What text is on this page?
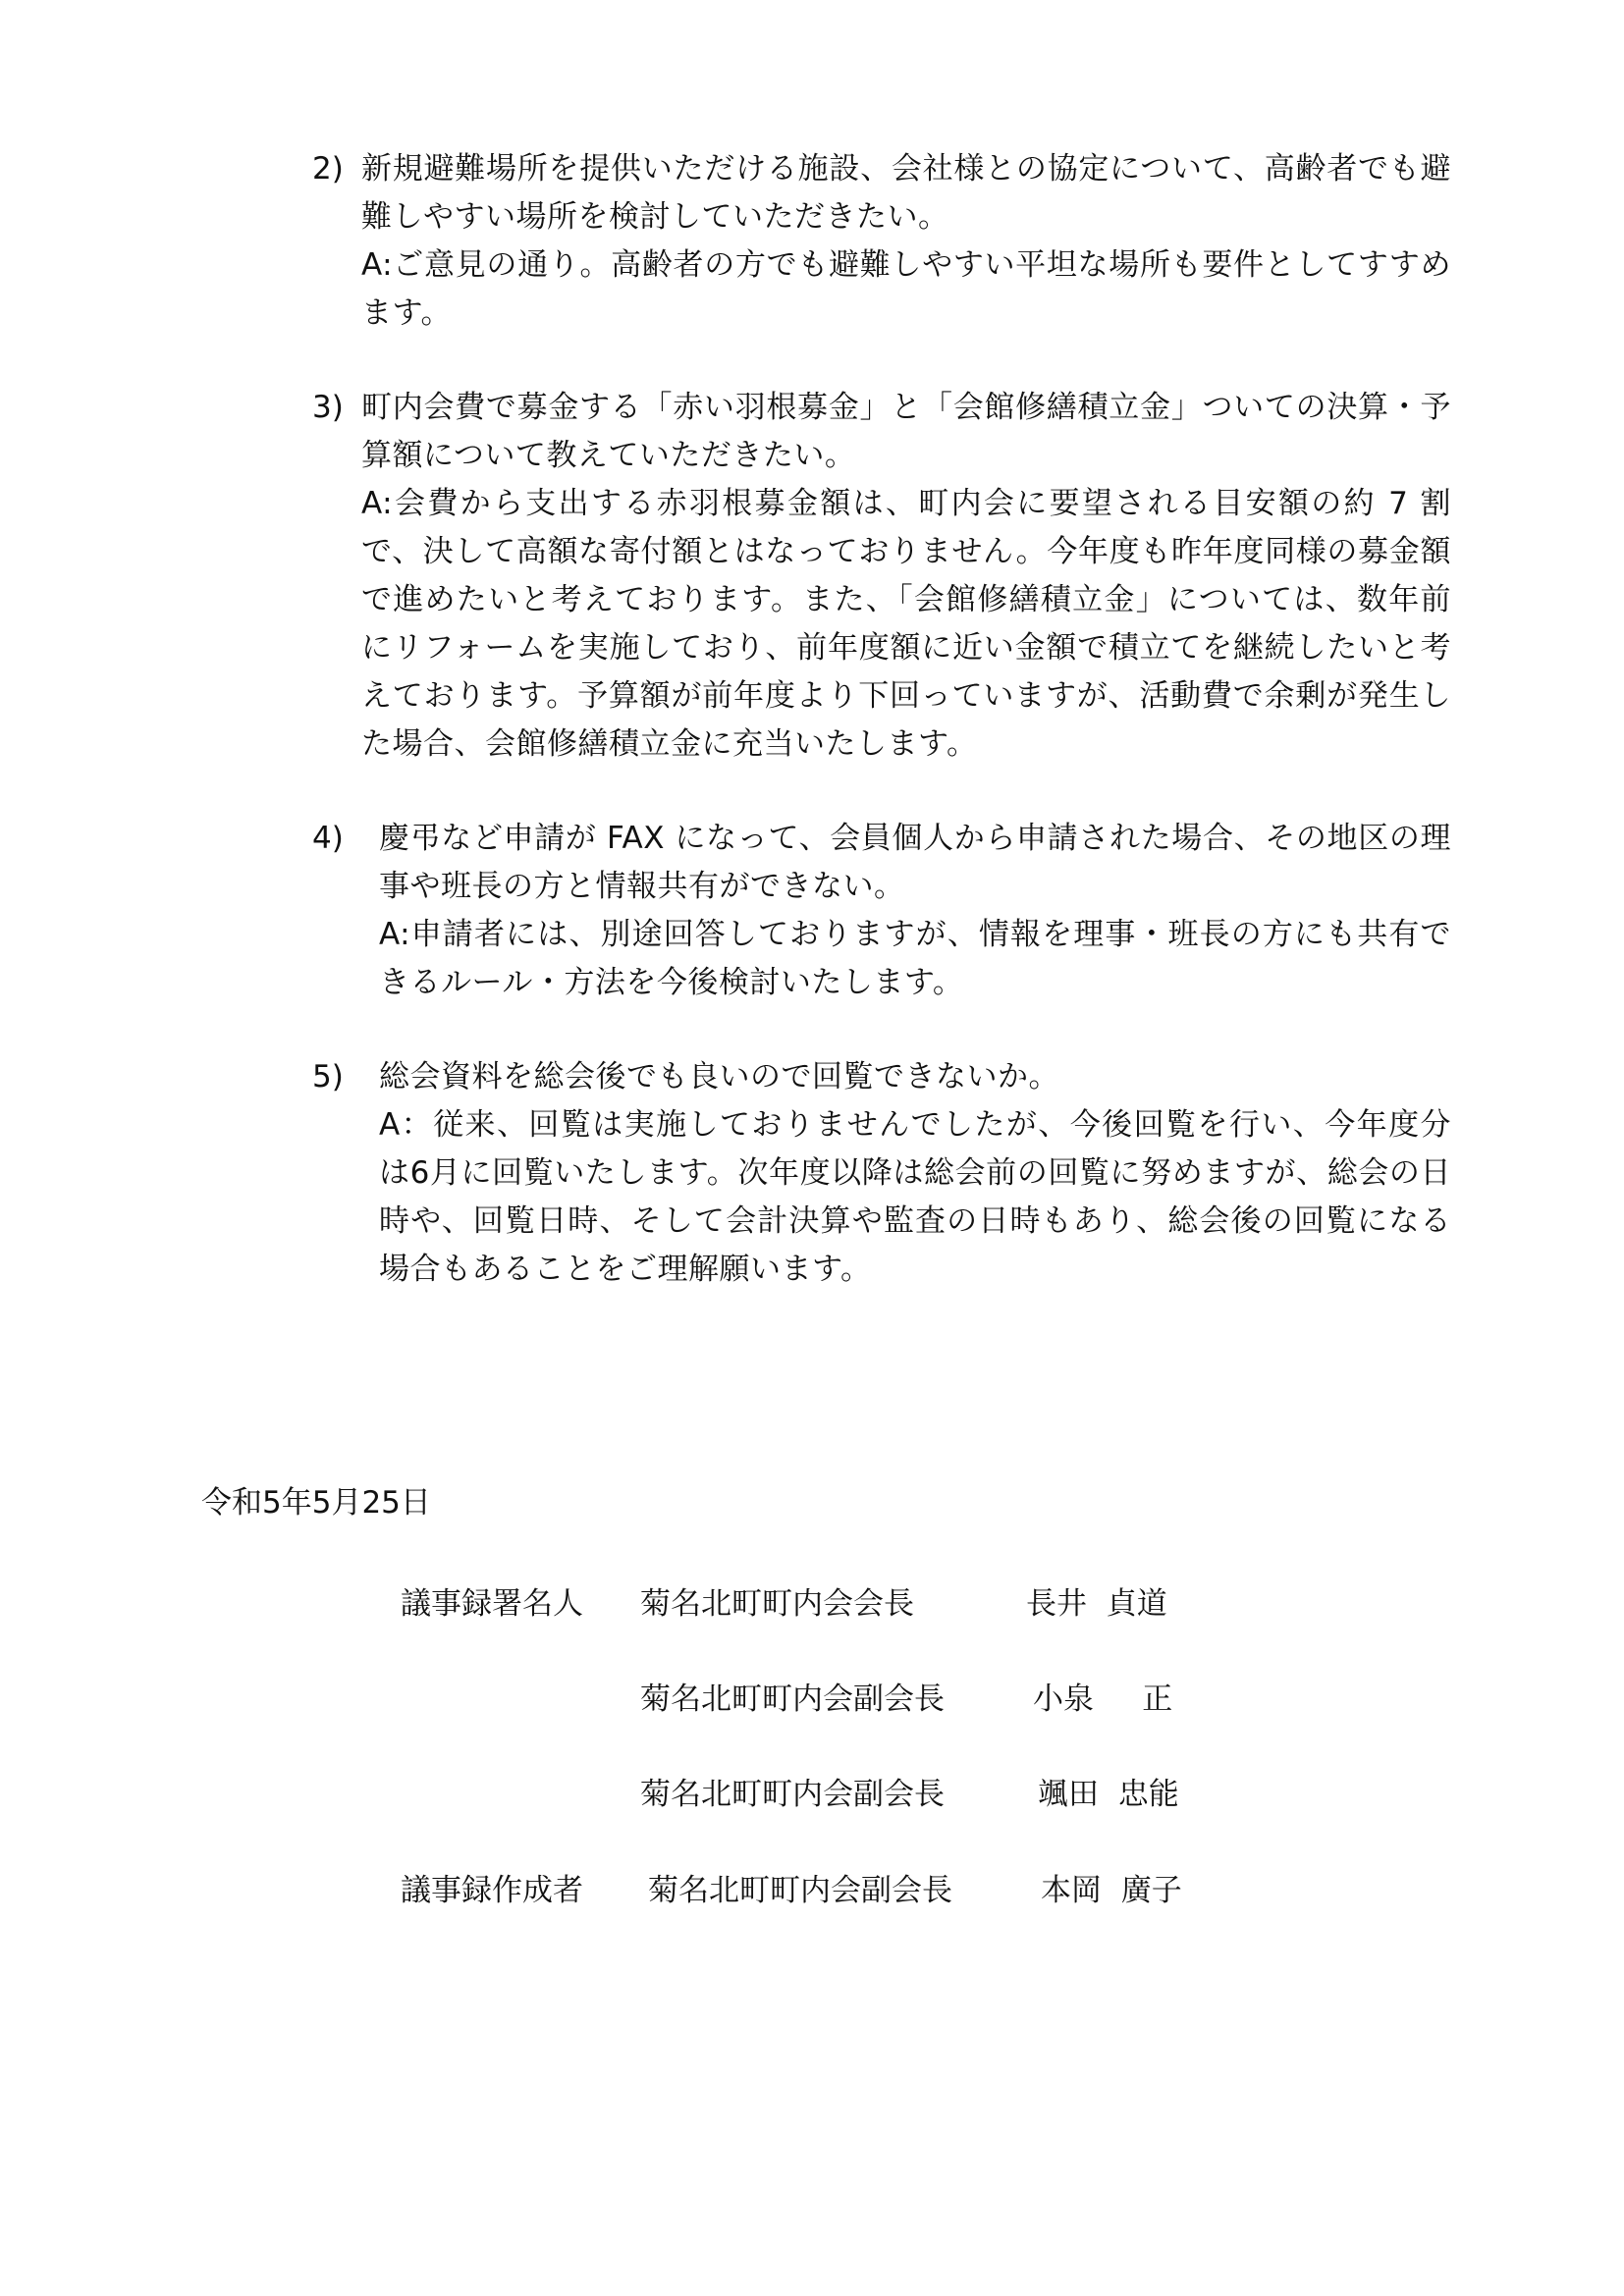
2) 新規避難場所を提供いただける施設、会社様との協定について、高齢者でも避難しやすい場所を検討していただきたい。
A:ご意見の通り。高齢者の方でも避難しやすい平坦な場所も要件としてすすめます。
3) 町内会費で募金する「赤い羽根募金」と「会館修繕積立金」ついての決算・予算額について教えていただきたい。
A:会費から支出する赤羽根募金額は、町内会に要望される目安額の約 7 割で、決して高額な寄付額とはなっておりません。今年度も昨年度同様の募金額で進めたいと考えております。また、「会館修繕積立金」については、数年前にリフォームを実施しており、前年度額に近い金額で積立てを継続したいと考えております。予算額が前年度より下回っていますが、活動費で余剰が発生した場合、会館修繕積立金に充当いたします。
4) 慶弔など申請が FAX になって、会員個人から申請された場合、その地区の理事や班長の方と情報共有ができない。
A:申請者には、別途回答しておりますが、情報を理事・班長の方にも共有できるルール・方法を今後検討いたします。
5) 総会資料を総会後でも良いので回覧できないか。
A：従来、回覧は実施しておりませんでしたが、今後回覧を行い、今年度分は6月に回覧いたします。次年度以降は総会前の回覧に努めますが、総会の日時や、回覧日時、そして会計決算や監査の日時もあり、総会後の回覧になる場合もあることをご理解願います。
令和5年5月25日
議事録署名人 菊名北町町内会会長	長井  貞道
菊名北町町内会副会長	小泉     正
菊名北町町内会副会長	颯田  忠能
議事録作成者 菊名北町町内会副会長	本岡  廣子
